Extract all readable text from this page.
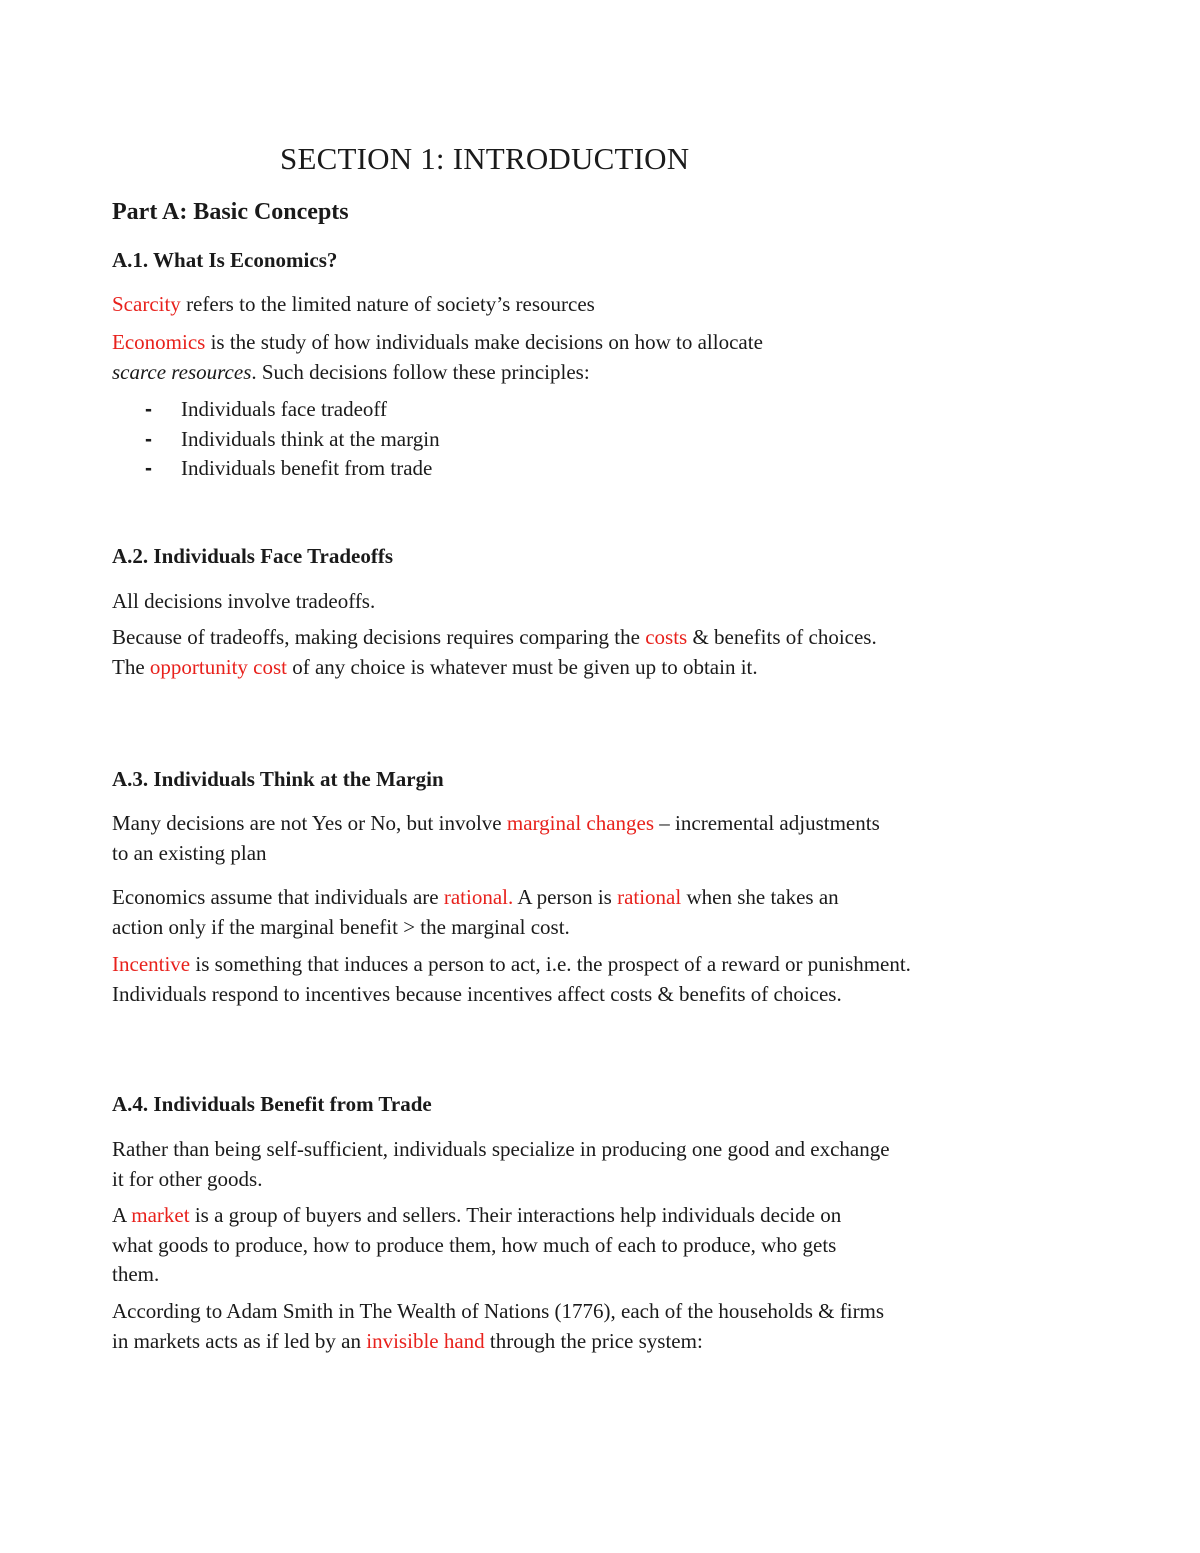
SECTION 1: INTRODUCTION
Part A: Basic Concepts
A.1. What Is Economics?

Scarcity refers to the limited nature of society’s resources

Economics is the study of how individuals make decisions on how to allocate
scarce resources. Such decisions follow these principles:

- Individuals face tradeoff
- Individuals think at the margin
- Individuals benefit from trade
A.2. Individuals Face Tradeoffs

All decisions involve tradeoffs.

Because of tradeoffs, making decisions requires comparing the costs & benefits of choices. The opportunity cost of any choice is whatever must be given up to obtain it.

A.3. Individuals Think at the Margin

Many decisions are not Yes or No, but involve marginal changes – incremental adjustments to an existing plan

Economics assume that individuals are rational. A person is rational when she takes an action only if the marginal benefit > the marginal cost.

Incentive is something that induces a person to act, i.e. the prospect of a reward or punishment. Individuals respond to incentives because incentives affect costs & benefits of choices.

A.4. Individuals Benefit from Trade

Rather than being self-sufficient, individuals specialize in producing one good and exchange it for other goods.

A market is a group of buyers and sellers. Their interactions help individuals decide on what goods to produce, how to produce them, how much of each to produce, who gets them.

According to Adam Smith in The Wealth of Nations (1776), each of the households & firms in markets acts as if led by an invisible hand through the price system:
